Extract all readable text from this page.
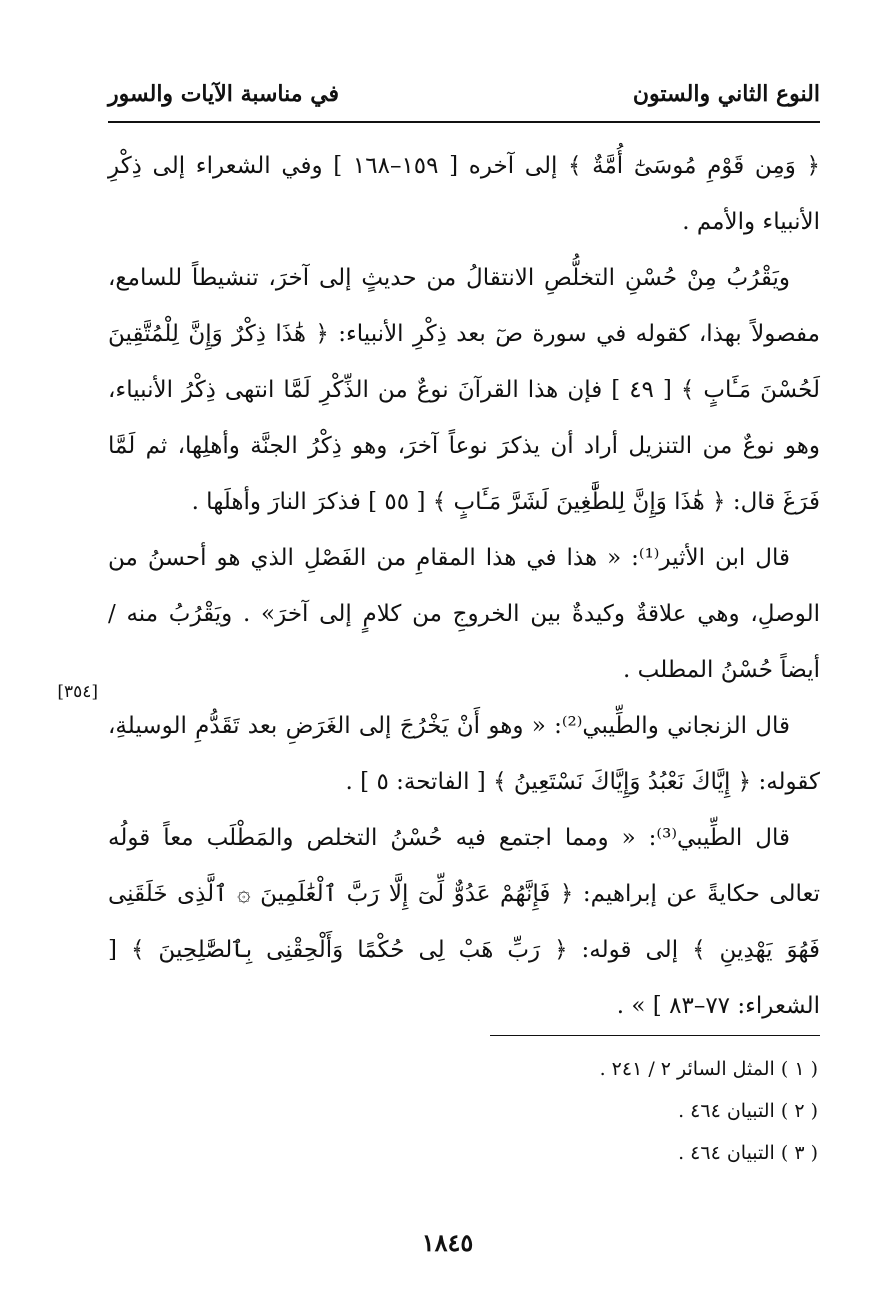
النوع الثاني والستون
في مناسبة الآيات والسور

﴿ وَمِن قَوْمِ مُوسَىٰٓ أُمَّةٌ ﴾ إلى آخره [ ١٥٩–١٦٨ ] وفي الشعراء إلى ذِكْرِ الأنبياء والأمم .

ويَقْرُبُ مِنْ حُسْنِ التخلُّصِ الانتقالُ من حديثٍ إلى آخرَ، تنشيطاً للسامع، مفصولاً بهذا، كقوله في سورة صٓ بعد ذِكْرِ الأنبياء: ﴿ هَٰذَا ذِكْرٌ وَإِنَّ لِلْمُتَّقِينَ لَحُسْنَ مَـَٔابٍ ﴾ [ ٤٩ ] فإن هذا القرآنَ نوعٌ من الذِّكْرِ لَمَّا انتهى ذِكْرُ الأنبياء، وهو نوعٌ من التنزيل أراد أن يذكرَ نوعاً آخرَ، وهو ذِكْرُ الجنَّة وأهلِها، ثم لَمَّا فَرَغَ قال: ﴿ هَٰذَا وَإِنَّ لِلطَّٰغِينَ لَشَرَّ مَـَٔابٍ ﴾ [ ٥٥ ] فذكرَ النارَ وأهلَها .

قال ابن الأثير⁽¹⁾: « هذا في هذا المقامِ من الفَصْلِ الذي هو أحسنُ من الوصلِ، وهي علاقةٌ وكيدةٌ بين الخروجِ من كلامٍ إلى آخرَ» . ويَقْرُبُ منه / أيضاً حُسْنُ المطلب .

قال الزنجاني والطِّيبي⁽²⁾: « وهو أَنْ يَخْرُجَ إلى الغَرَضِ بعد تَقَدُّمِ الوسيلةِ، كقوله: ﴿ إِيَّاكَ نَعْبُدُ وَإِيَّاكَ نَسْتَعِينُ ﴾ [ الفاتحة: ٥ ] .

قال الطِّيبي⁽³⁾: « ومما اجتمع فيه حُسْنُ التخلص والمَطْلَب معاً قولُه تعالى حكايةً عن إبراهيم: ﴿ فَإِنَّهُمْ عَدُوٌّ لِّىٓ إِلَّا رَبَّ ٱلْعَٰلَمِينَ ۞ ٱلَّذِى خَلَقَنِى فَهُوَ يَهْدِينِ ﴾ إلى قوله: ﴿ رَبِّ هَبْ لِى حُكْمًا وَأَلْحِقْنِى بِٱلصَّٰلِحِينَ ﴾ [ الشعراء: ٧٧–٨٣ ] » .

[٣٥٤]

( ١ ) المثل السائر ٢ / ٢٤١ .

( ٢ ) التبيان ٤٦٤ .

( ٣ ) التبيان ٤٦٤ .

١٨٤٥
